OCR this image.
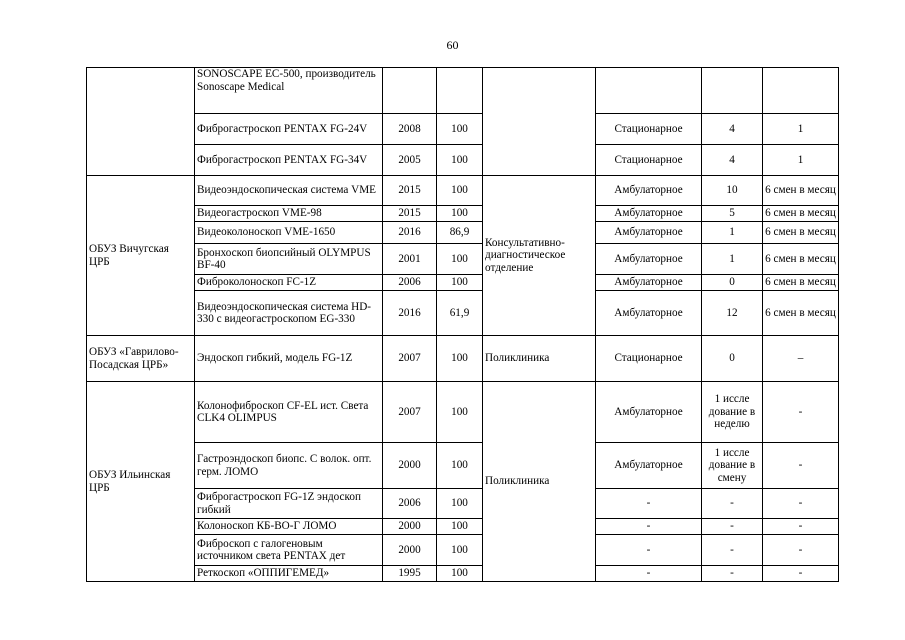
60
	SONOSCAPE EC-500, производитель Sonoscape Medical						
	Фиброгастроскоп PENTAX FG-24V	2008	100		Стационарное	4	1
	Фиброгастроскоп PENTAX FG-34V	2005	100		Стационарное	4	1
ОБУЗ Вичугская ЦРБ	Видеоэндоскопическая система VME	2015	100	Консультативно-диагностическое отделение	Амбулаторное	10	6 смен в месяц
	Видеогастроскоп VME-98	2015	100		Амбулаторное	5	6 смен в месяц
	Видеоколоноскоп VME-1650	2016	86,9		Амбулаторное	1	6 смен в месяц
	Бронхоскоп биопсийный OLYMPUS BF-40	2001	100		Амбулаторное	1	6 смен в месяц
	Фиброколоноскоп FC-1Z	2006	100		Амбулаторное	0	6 смен в месяц
	Видеоэндоскопическая система HD-330 с видеогастроскопом EG-330	2016	61,9		Амбулаторное	12	6 смен в месяц
ОБУЗ «Гаврилово-Посадская ЦРБ»	Эндоскоп гибкий, модель FG-1Z	2007	100	Поликлиника	Стационарное	0	–
ОБУЗ Ильинская ЦРБ	Колонофиброскоп CF-EL ист. Света CLK4 OLIMPUS	2007	100	Поликлиника	Амбулаторное	1 иссле дование в неделю	-
	Гастроэндоскоп биопс. С волок. опт. герм. ЛОМО	2000	100		Амбулаторное	1 иссле дование в смену	-
	Фиброгастроскоп FG-1Z эндоскоп гибкий	2006	100		-	-	-
	Колоноскоп КБ-ВО-Г ЛОМО	2000	100		-	-	-
	Фиброскоп с галогеновым источником света PENTAX дет	2000	100		-	-	-
	Реткоскоп «ОППИГЕМЕД»	1995	100		-	-	-
